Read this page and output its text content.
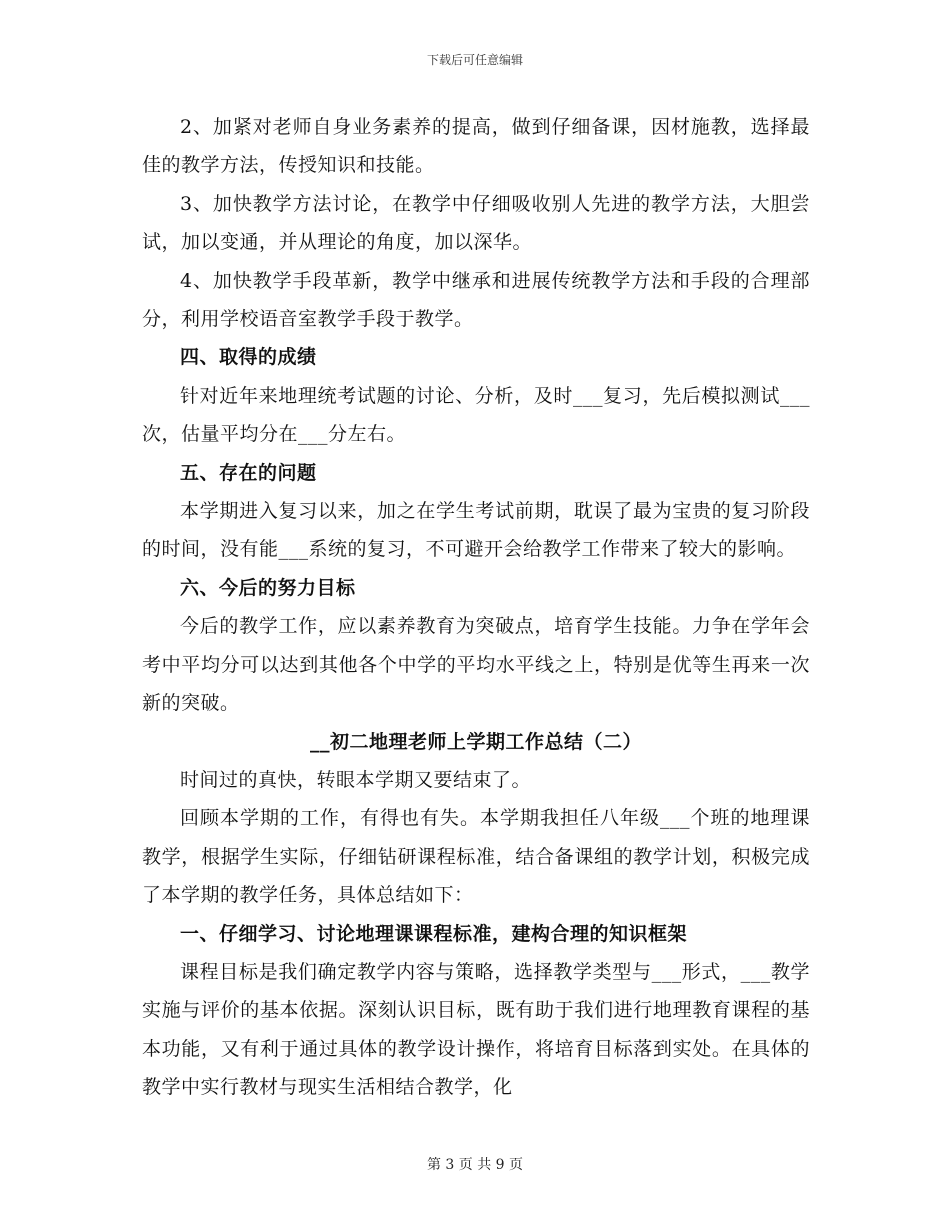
下载后可任意编辑

2、加紧对老师自身业务素养的提高，做到仔细备课，因材施教，选择最佳的教学方法，传授知识和技能。

3、加快教学方法讨论，在教学中仔细吸收别人先进的教学方法，大胆尝试，加以变通，并从理论的角度，加以深华。

4、加快教学手段革新，教学中继承和进展传统教学方法和手段的合理部分，利用学校语音室教学手段于教学。

四、取得的成绩

针对近年来地理统考试题的讨论、分析，及时___复习，先后模拟测试___次，估量平均分在___分左右。

五、存在的问题

本学期进入复习以来，加之在学生考试前期，耽误了最为宝贵的复习阶段的时间，没有能___系统的复习，不可避开会给教学工作带来了较大的影响。

六、今后的努力目标

今后的教学工作，应以素养教育为突破点，培育学生技能。力争在学年会考中平均分可以达到其他各个中学的平均水平线之上，特别是优等生再来一次新的突破。

__初二地理老师上学期工作总结（二）

时间过的真快，转眼本学期又要结束了。

回顾本学期的工作，有得也有失。本学期我担任八年级___个班的地理课教学，根据学生实际，仔细钻研课程标准，结合备课组的教学计划，积极完成了本学期的教学任务，具体总结如下：

一、仔细学习、讨论地理课课程标准，建构合理的知识框架

课程目标是我们确定教学内容与策略，选择教学类型与___形式，___教学实施与评价的基本依据。深刻认识目标，既有助于我们进行地理教育课程的基本功能，又有利于通过具体的教学设计操作，将培育目标落到实处。在具体的教学中实行教材与现实生活相结合教学，化

第 3 页 共 9 页
